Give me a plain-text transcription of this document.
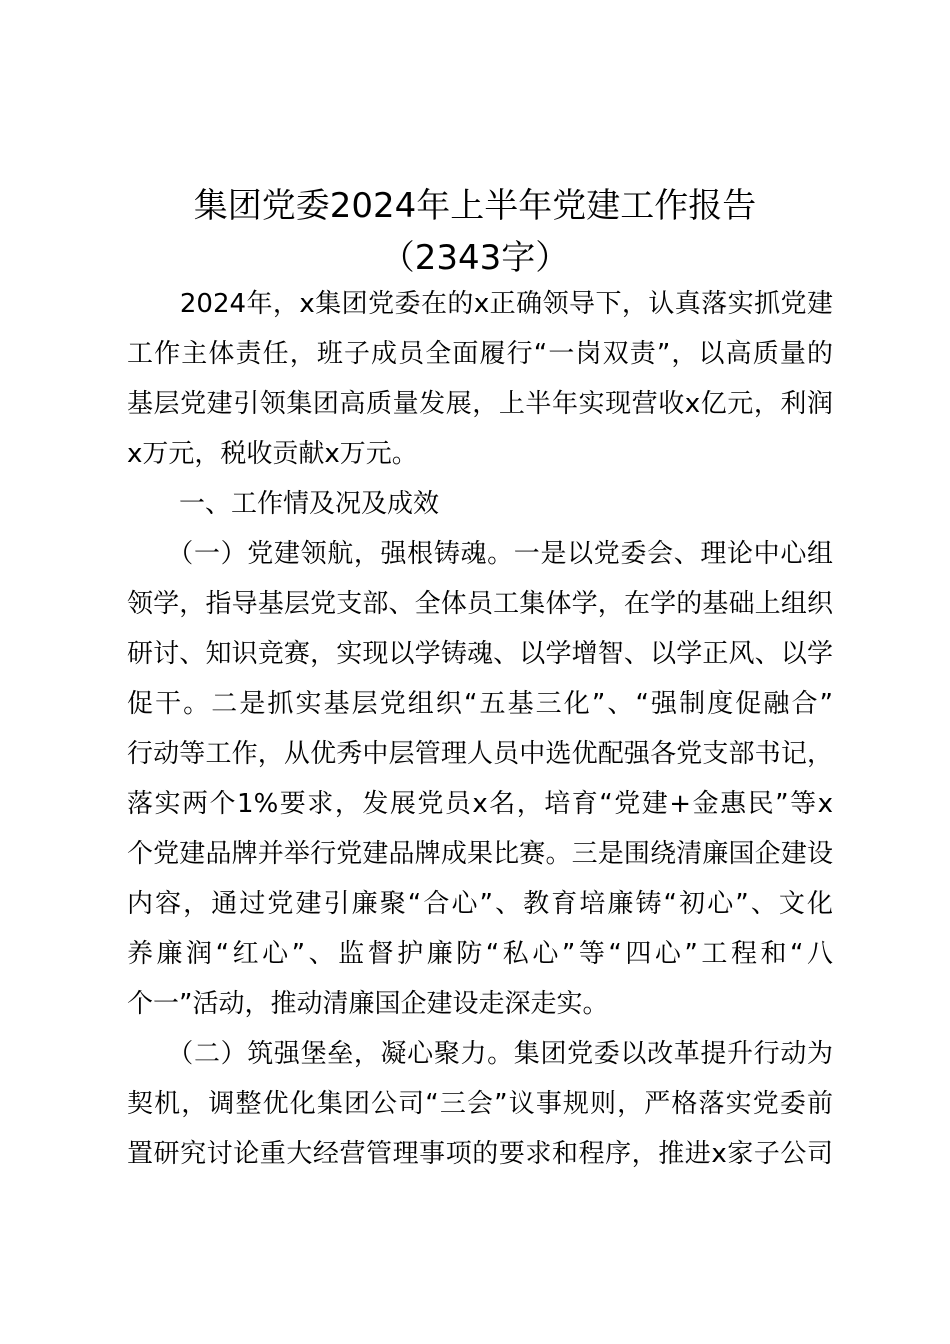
集团党委2024年上半年党建工作报告
（2343字）
　　2024年，x集团党委在的x正确领导下，认真落实抓党建
工作主体责任，班子成员全面履行“一岗双责”，以高质量的
基层党建引领集团高质量发展，上半年实现营收x亿元，利润
x万元，税收贡献x万元。
　　一、工作情及况及成效
　　（一）党建领航，强根铸魂。一是以党委会、理论中心组
领学，指导基层党支部、全体员工集体学，在学的基础上组织
研讨、知识竞赛，实现以学铸魂、以学增智、以学正风、以学
促干。二是抓实基层党组织“五基三化”、“强制度促融合”
行动等工作，从优秀中层管理人员中选优配强各党支部书记，
落实两个1%要求，发展党员x名，培育“党建+金惠民”等x
个党建品牌并举行党建品牌成果比赛。三是围绕清廉国企建设
内容，通过党建引廉聚“合心”、教育培廉铸“初心”、文化
养廉润“红心”、监督护廉防“私心”等“四心”工程和“八
个一”活动，推动清廉国企建设走深走实。
　　（二）筑强堡垒，凝心聚力。集团党委以改革提升行动为
契机，调整优化集团公司“三会”议事规则，严格落实党委前
置研究讨论重大经营管理事项的要求和程序，推进x家子公司
